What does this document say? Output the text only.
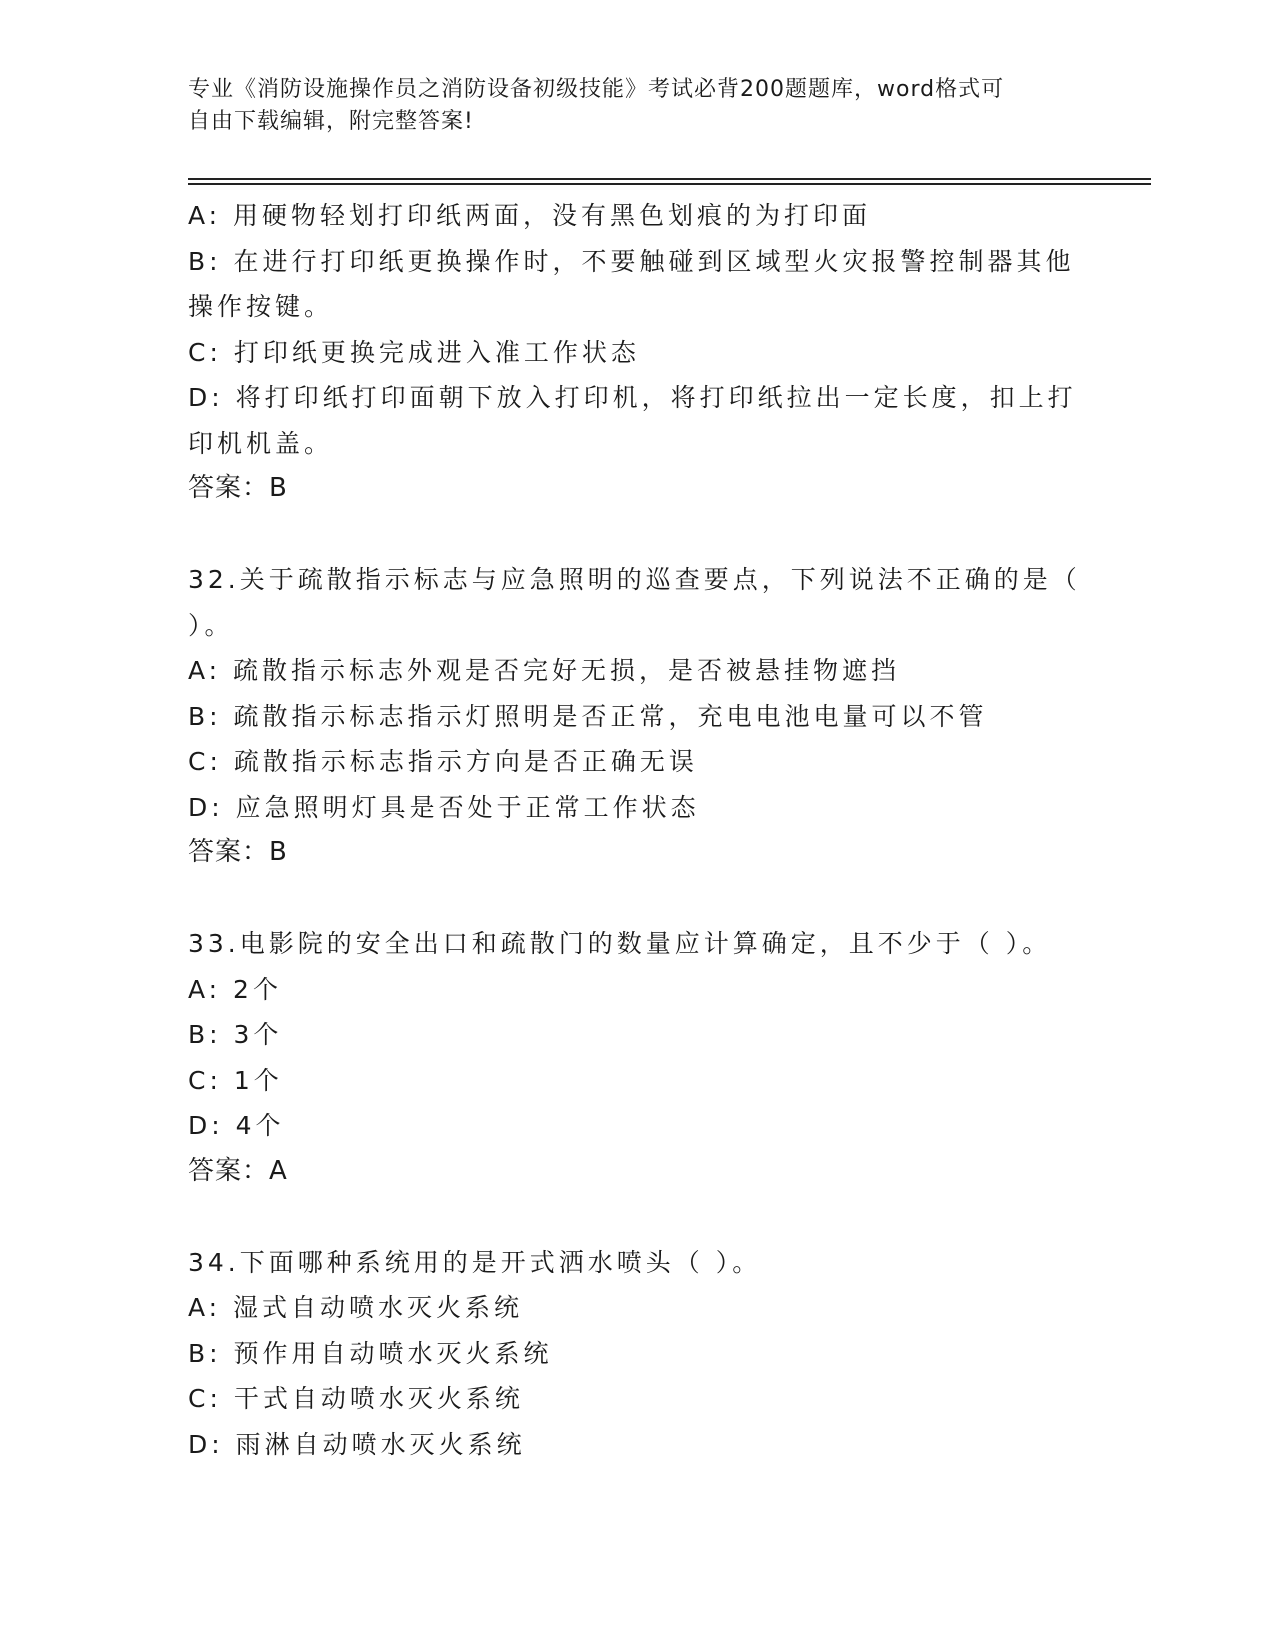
专业《消防设施操作员之消防设备初级技能》考试必背200题题库，word格式可
自由下载编辑，附完整答案!
A: 用硬物轻划打印纸两面，没有黑色划痕的为打印面
B: 在进行打印纸更换操作时，不要触碰到区域型火灾报警控制器其他
操作按键。
C: 打印纸更换完成进入准工作状态
D: 将打印纸打印面朝下放入打印机，将打印纸拉出一定长度，扣上打
印机机盖。
答案：B
32.关于疏散指示标志与应急照明的巡查要点，下列说法不正确的是（
）。
A: 疏散指示标志外观是否完好无损，是否被悬挂物遮挡
B: 疏散指示标志指示灯照明是否正常，充电电池电量可以不管
C: 疏散指示标志指示方向是否正确无误
D: 应急照明灯具是否处于正常工作状态
答案：B
33.电影院的安全出口和疏散门的数量应计算确定，且不少于（ ）。
A: 2个
B: 3个
C: 1个
D: 4个
答案：A
34.下面哪种系统用的是开式洒水喷头（ ）。
A: 湿式自动喷水灭火系统
B: 预作用自动喷水灭火系统
C: 干式自动喷水灭火系统
D: 雨淋自动喷水灭火系统
